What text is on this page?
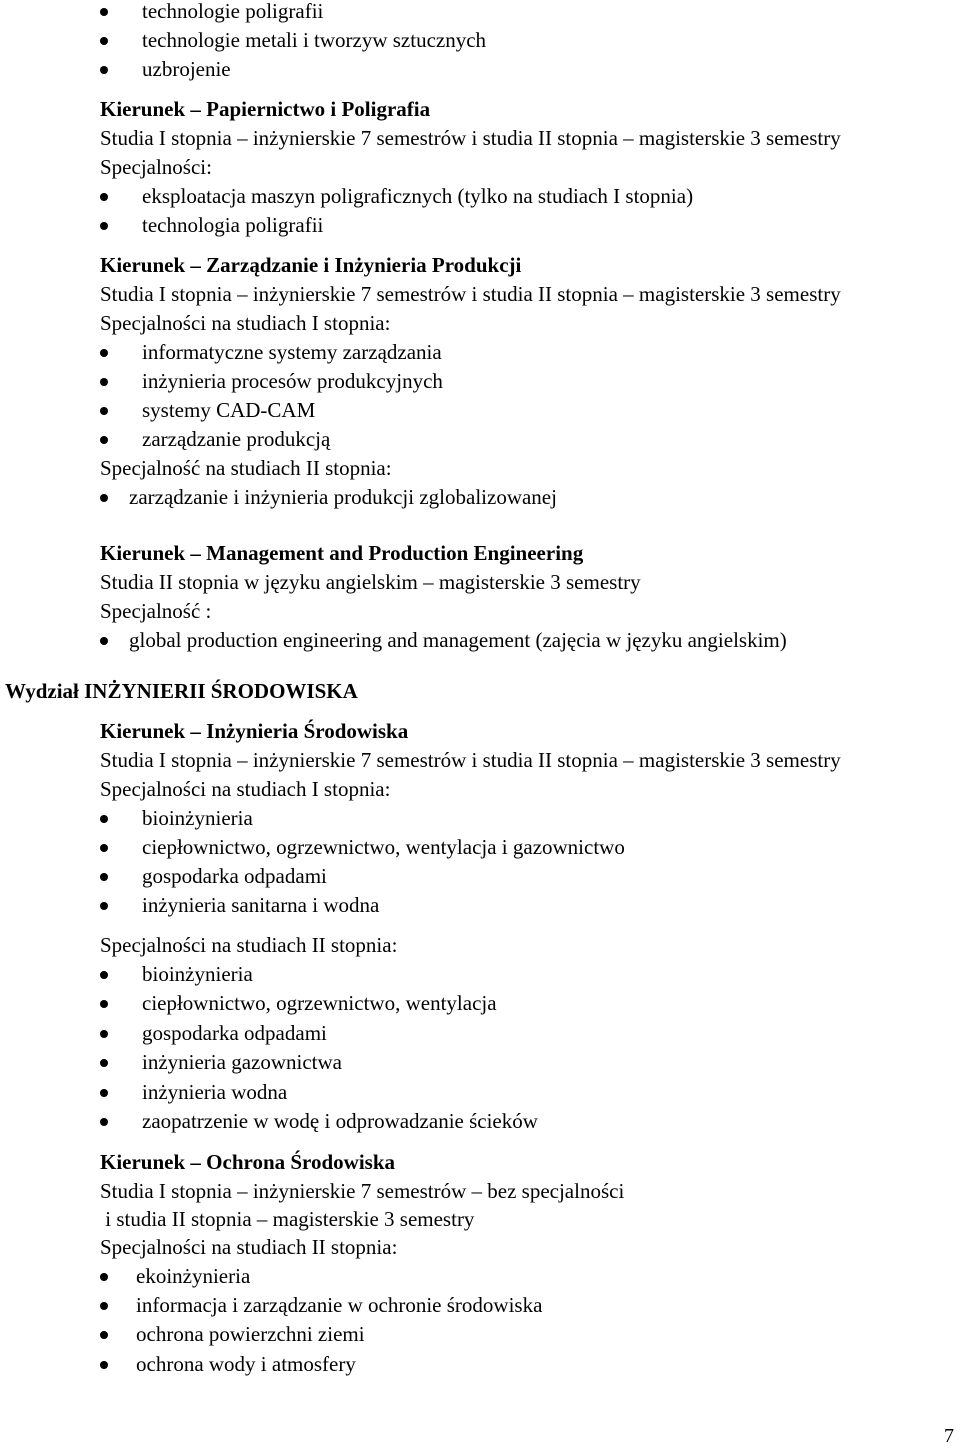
technologie poligrafii
technologie metali i tworzyw sztucznych
uzbrojenie
Kierunek – Papiernictwo i Poligrafia
Studia I stopnia – inżynierskie 7 semestrów i studia II stopnia – magisterskie 3 semestry
Specjalności:
eksploatacja maszyn poligraficznych (tylko na studiach I stopnia)
technologia poligrafii
Kierunek – Zarządzanie i Inżynieria Produkcji
Studia I stopnia – inżynierskie 7 semestrów i studia II stopnia – magisterskie 3 semestry
Specjalności na studiach I stopnia:
informatyczne systemy zarządzania
inżynieria procesów produkcyjnych
systemy CAD-CAM
zarządzanie produkcją
Specjalność na studiach II stopnia:
zarządzanie i inżynieria produkcji zglobalizowanej
Kierunek – Management and Production Engineering
Studia II stopnia w języku angielskim – magisterskie 3 semestry
Specjalność :
global production engineering and management (zajęcia w języku angielskim)
Wydział INŻYNIERII ŚRODOWISKA
Kierunek – Inżynieria Środowiska
Studia I stopnia – inżynierskie 7 semestrów i studia II stopnia – magisterskie 3 semestry
Specjalności na studiach I stopnia:
bioinżynieria
ciepłownictwo, ogrzewnictwo, wentylacja i gazownictwo
gospodarka odpadami
inżynieria sanitarna i wodna
Specjalności na studiach II stopnia:
bioinżynieria
ciepłownictwo, ogrzewnictwo, wentylacja
gospodarka odpadami
inżynieria gazownictwa
inżynieria wodna
zaopatrzenie w wodę i odprowadzanie ścieków
Kierunek – Ochrona Środowiska
Studia I stopnia – inżynierskie 7 semestrów – bez specjalności
i studia II stopnia – magisterskie 3 semestry
Specjalności na studiach II stopnia:
ekoinżynieria
informacja i zarządzanie w ochronie środowiska
ochrona powierzchni ziemi
ochrona wody i atmosfery
7
